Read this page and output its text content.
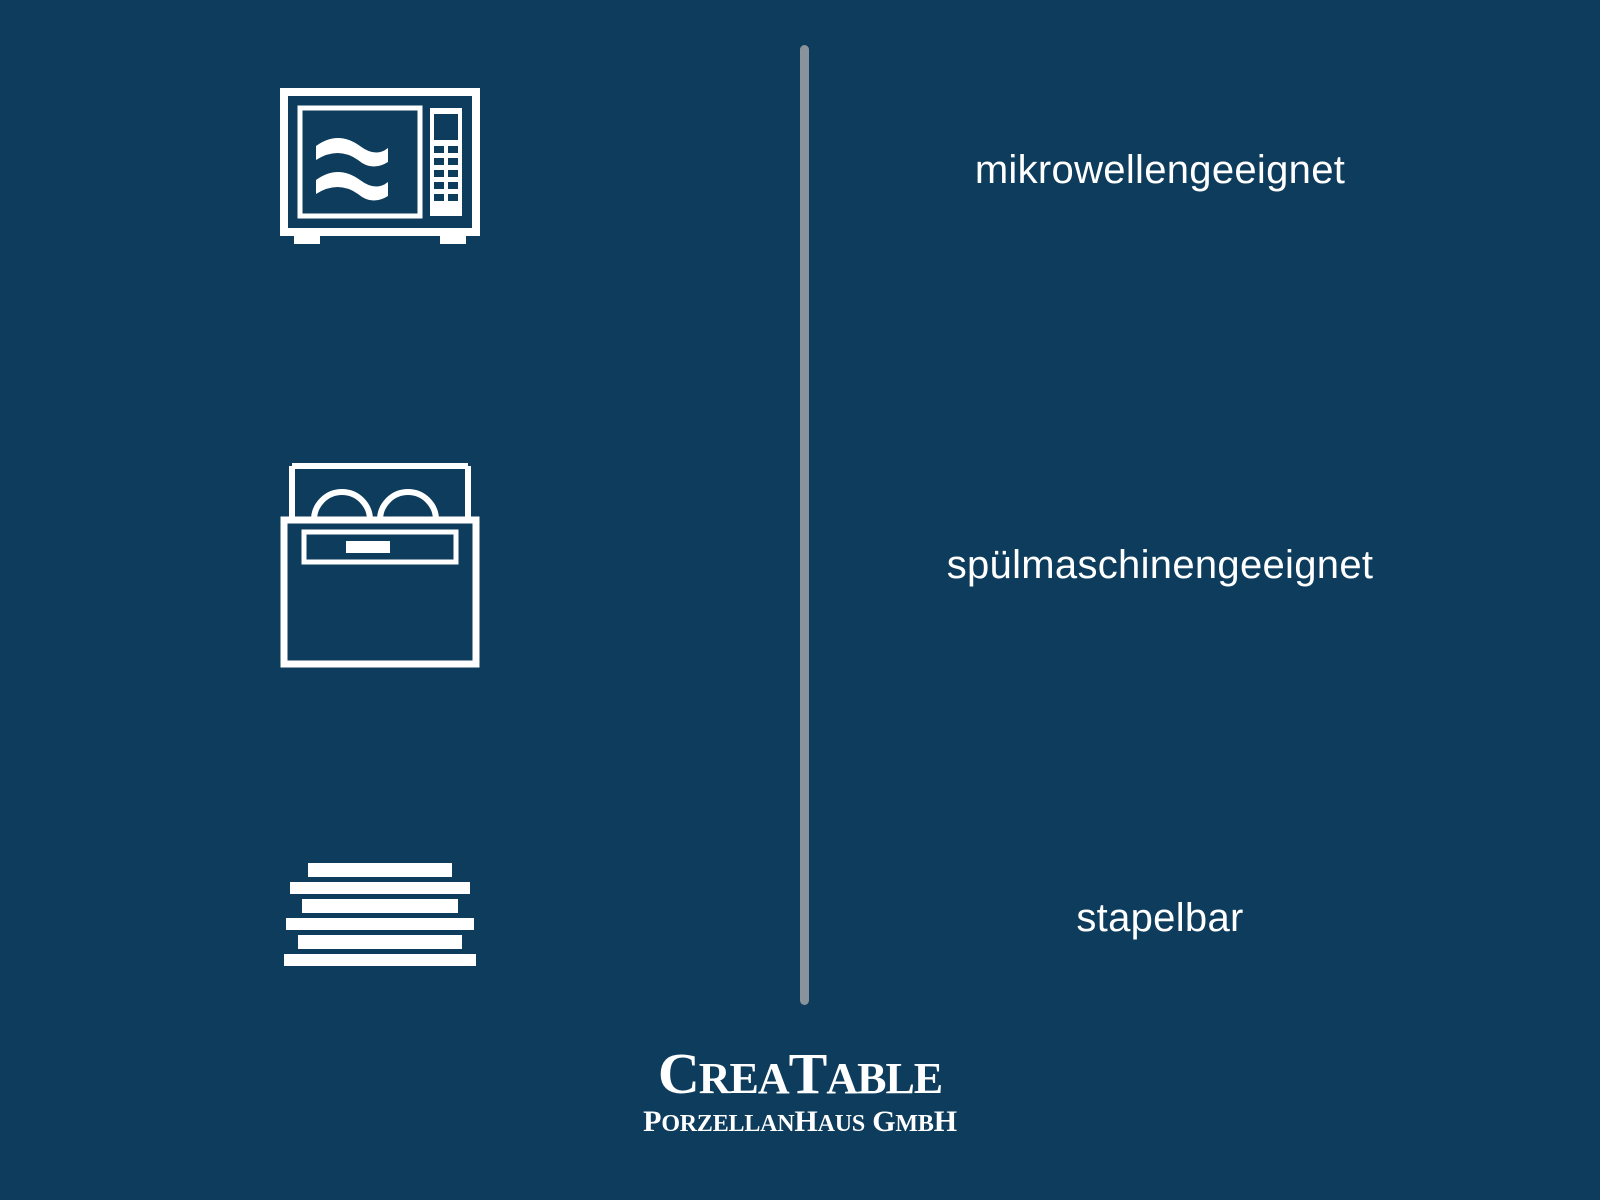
mikrowellengeeignet
spülmaschinengeeignet
stapelbar
CREATABLE
PORZELLANHAUS GMBH
